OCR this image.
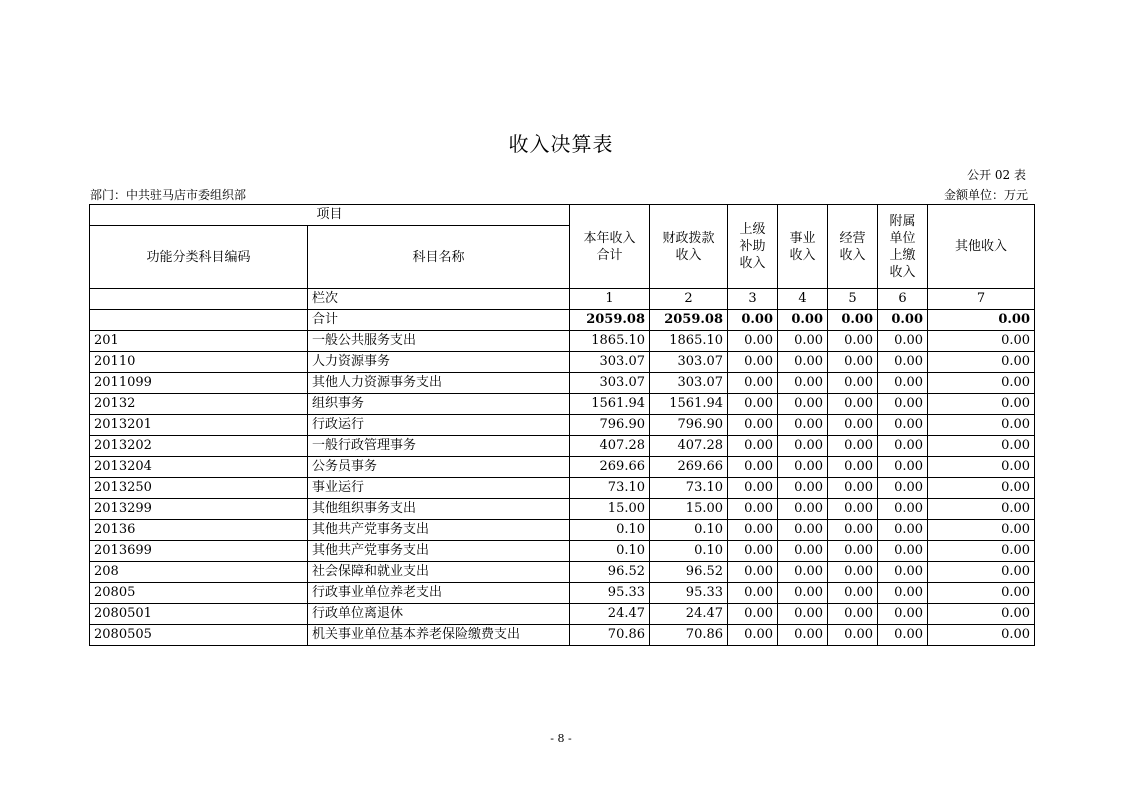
收入决算表
公开 02 表
部门：中共驻马店市委组织部	金额单位：万元
项目		本年收入合计	财政拨款收入	上级补助收入	事业收入	经营收入	附属单位上缴收入	其他收入
功能分类科目编码	科目名称							
	栏次	1	2	3	4	5	6	7
	合计	2059.08	2059.08	0.00	0.00	0.00	0.00	0.00
201	一般公共服务支出	1865.10	1865.10	0.00	0.00	0.00	0.00	0.00
20110	人力资源事务	303.07	303.07	0.00	0.00	0.00	0.00	0.00
2011099	其他人力资源事务支出	303.07	303.07	0.00	0.00	0.00	0.00	0.00
20132	组织事务	1561.94	1561.94	0.00	0.00	0.00	0.00	0.00
2013201	行政运行	796.90	796.90	0.00	0.00	0.00	0.00	0.00
2013202	一般行政管理事务	407.28	407.28	0.00	0.00	0.00	0.00	0.00
2013204	公务员事务	269.66	269.66	0.00	0.00	0.00	0.00	0.00
2013250	事业运行	73.10	73.10	0.00	0.00	0.00	0.00	0.00
2013299	其他组织事务支出	15.00	15.00	0.00	0.00	0.00	0.00	0.00
20136	其他共产党事务支出	0.10	0.10	0.00	0.00	0.00	0.00	0.00
2013699	其他共产党事务支出	0.10	0.10	0.00	0.00	0.00	0.00	0.00
208	社会保障和就业支出	96.52	96.52	0.00	0.00	0.00	0.00	0.00
20805	行政事业单位养老支出	95.33	95.33	0.00	0.00	0.00	0.00	0.00
2080501	行政单位离退休	24.47	24.47	0.00	0.00	0.00	0.00	0.00
2080505	机关事业单位基本养老保险缴费支出	70.86	70.86	0.00	0.00	0.00	0.00	0.00
- 8 -
